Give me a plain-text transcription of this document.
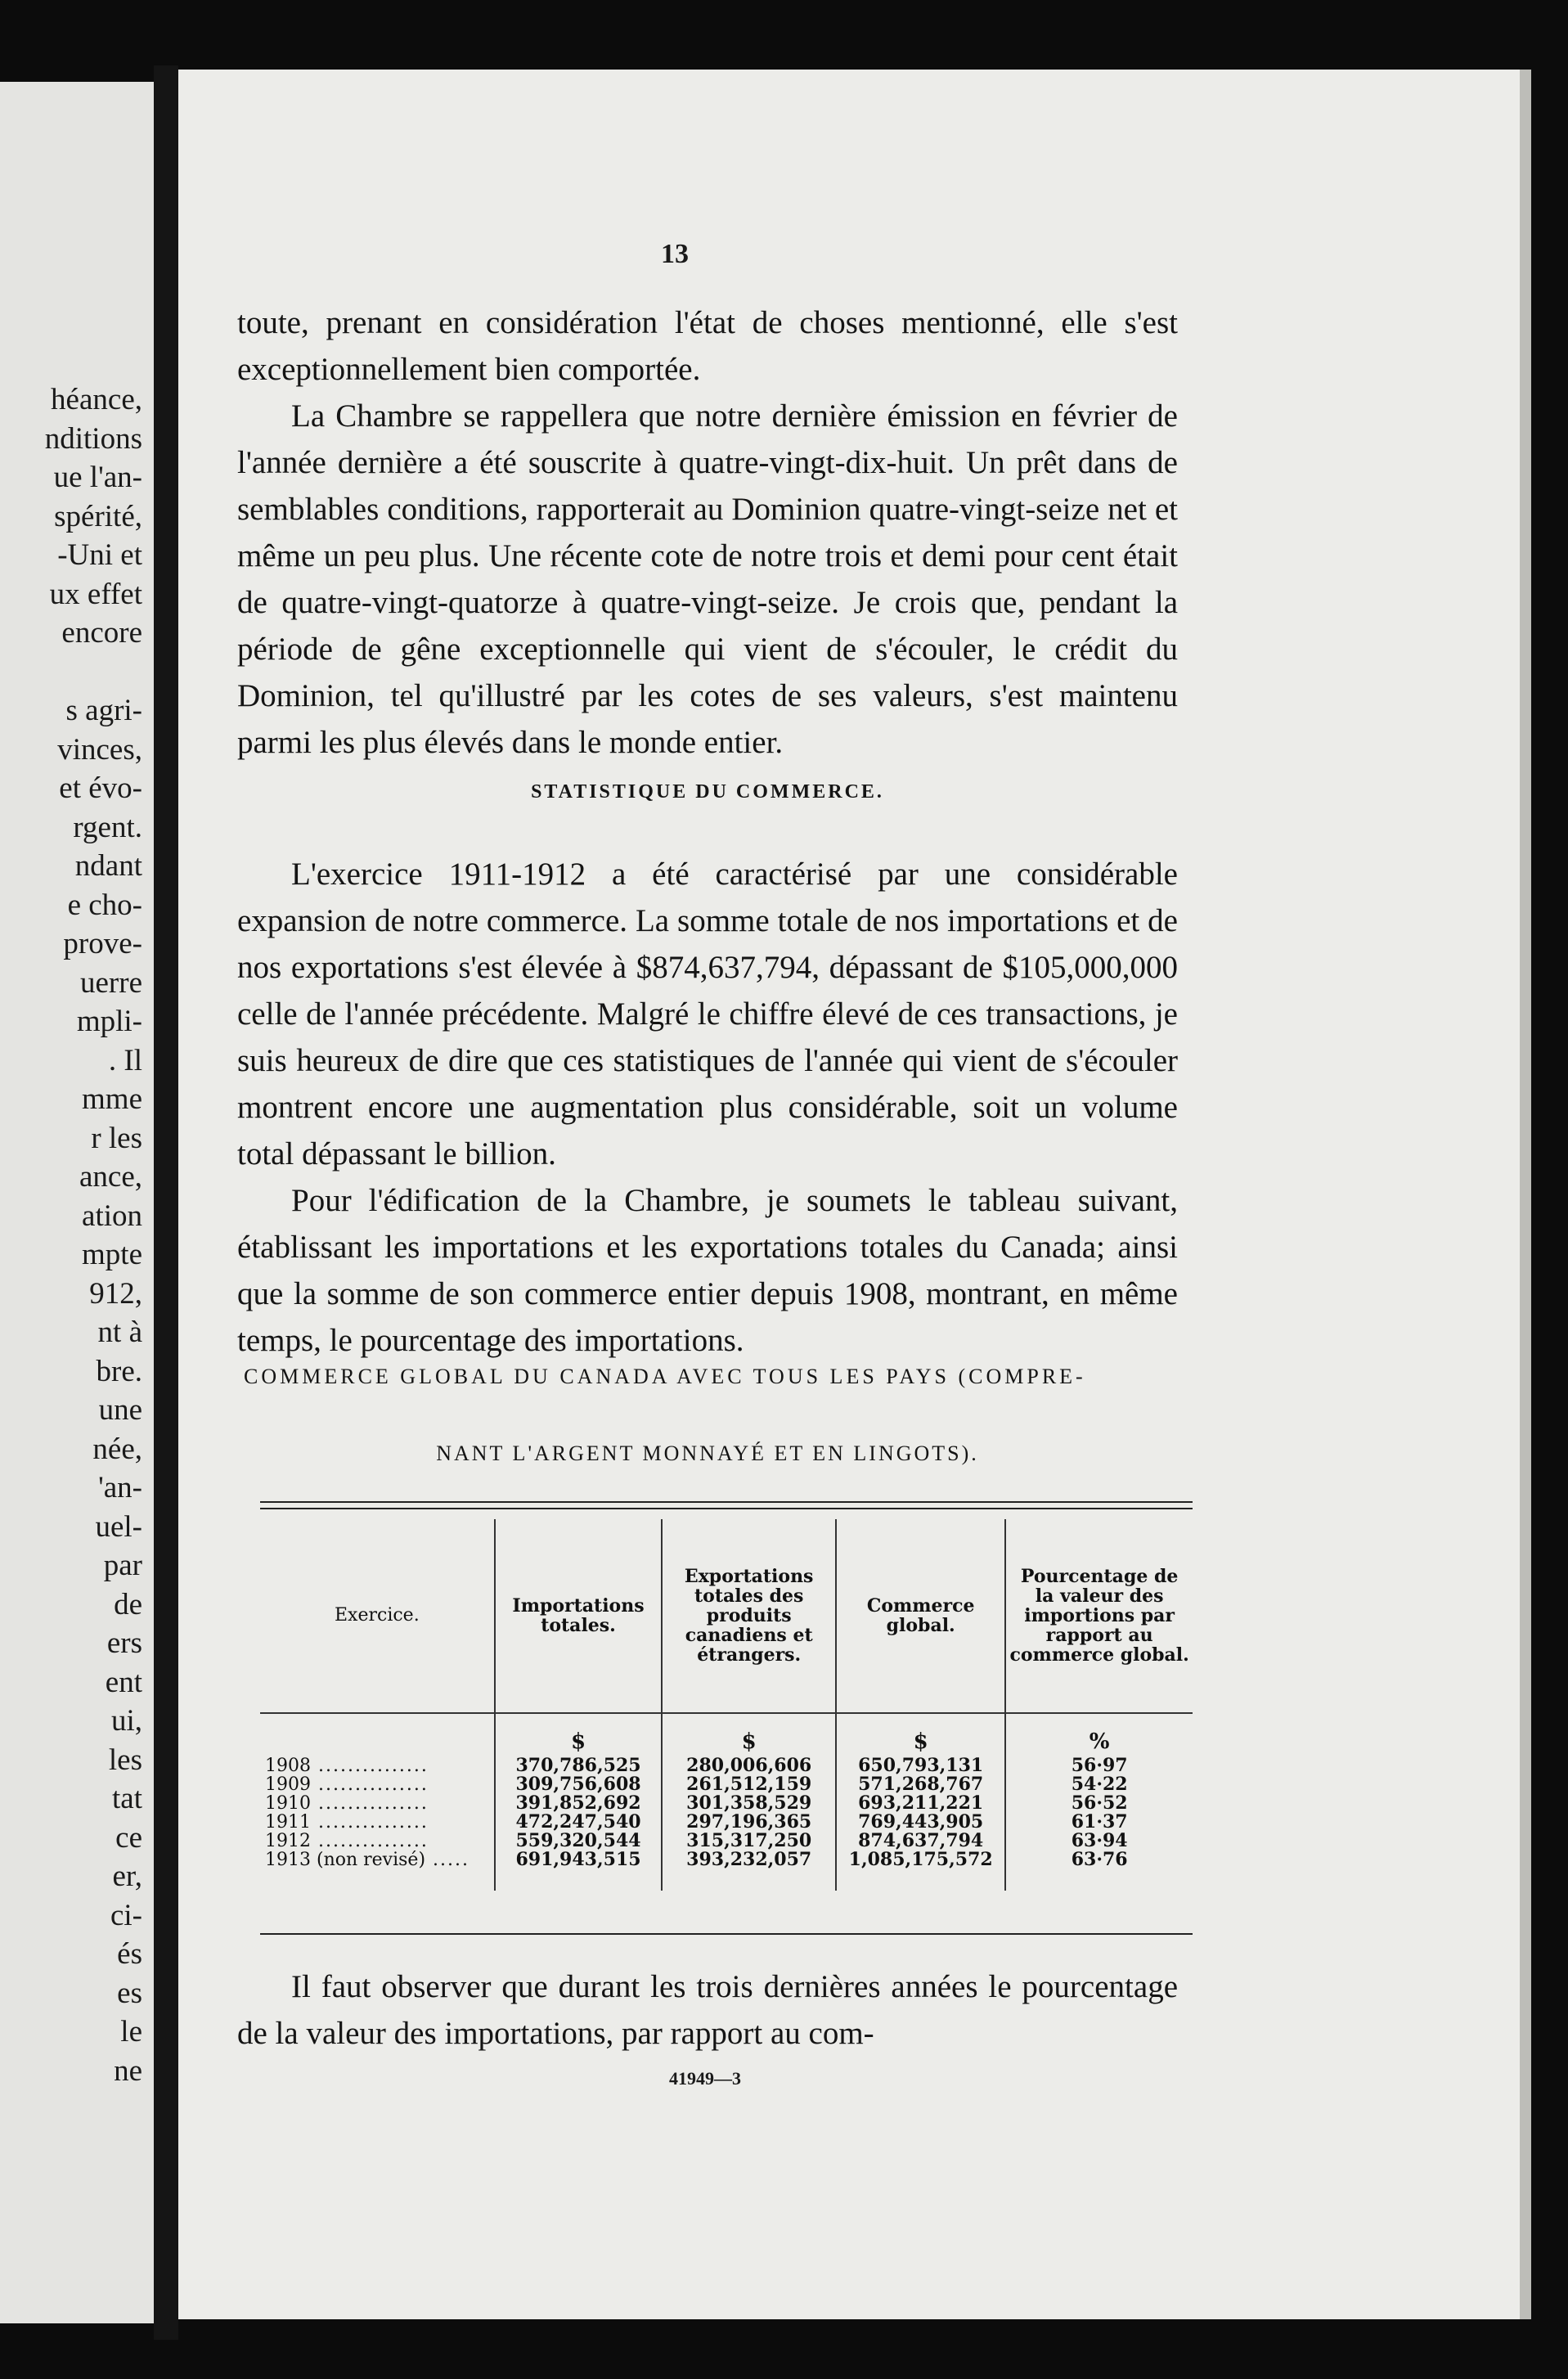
héance,
nditions
ue l'an-
spérité,
-Uni et
ux effet
encore

s agri-
vinces,
et évo-
rgent.
ndant
e cho-
prove-
uerre
mpli-
. Il
mme
r les
ance,
ation
mpte
912,
nt à
bre.
une
née,
'an-
uel-
par
de
ers
ent
ui,
les
tat
ce
er,
ci-
és
es
le
ne
13

toute, prenant en considération l'état de choses mentionné, elle s'est exceptionnellement bien comportée.

La Chambre se rappellera que notre dernière émission en février de l'année dernière a été souscrite à quatre-vingt-dix-huit. Un prêt dans de semblables conditions, rapporterait au Dominion quatre-vingt-seize net et même un peu plus. Une récente cote de notre trois et demi pour cent était de quatre-vingt-quatorze à quatre-vingt-seize. Je crois que, pendant la période de gêne exceptionnelle qui vient de s'écouler, le crédit du Dominion, tel qu'illustré par les cotes de ses valeurs, s'est maintenu parmi les plus élevés dans le monde entier.

STATISTIQUE DU COMMERCE.

L'exercice 1911-1912 a été caractérisé par une considérable expansion de notre commerce. La somme totale de nos importations et de nos exportations s'est élevée à $874,637,794, dépassant de $105,000,000 celle de l'année précédente. Malgré le chiffre élevé de ces transactions, je suis heureux de dire que ces statistiques de l'année qui vient de s'écouler montrent encore une augmentation plus considérable, soit un volume total dépassant le billion.

Pour l'édification de la Chambre, je soumets le tableau suivant, établissant les importations et les exportations totales du Canada; ainsi que la somme de son commerce entier depuis 1908, montrant, en même temps, le pourcentage des importations.

COMMERCE GLOBAL DU CANADA AVEC TOUS LES PAYS (COMPRE-
NANT L'ARGENT MONNAYÉ ET EN LINGOTS).
Exercice.	Importations totales.	Exportations totales des produits canadiens et étrangers.	Commerce global.	Pourcentage de la valeur des importions par rapport au commerce global.
	$	$	$	%
1908 ...............	370,786,525	280,006,606	650,793,131	56·97
1909 ...............	309,756,608	261,512,159	571,268,767	54·22
1910 ...............	391,852,692	301,358,529	693,211,221	56·52
1911 ...............	472,247,540	297,196,365	769,443,905	61·37
1912 ...............	559,320,544	315,317,250	874,637,794	63·94
1913 (non revisé) .....	691,943,515	393,232,057	1,085,175,572	63·76

Il faut observer que durant les trois dernières années le pourcentage de la valeur des importations, par rapport au com-

41949—3
